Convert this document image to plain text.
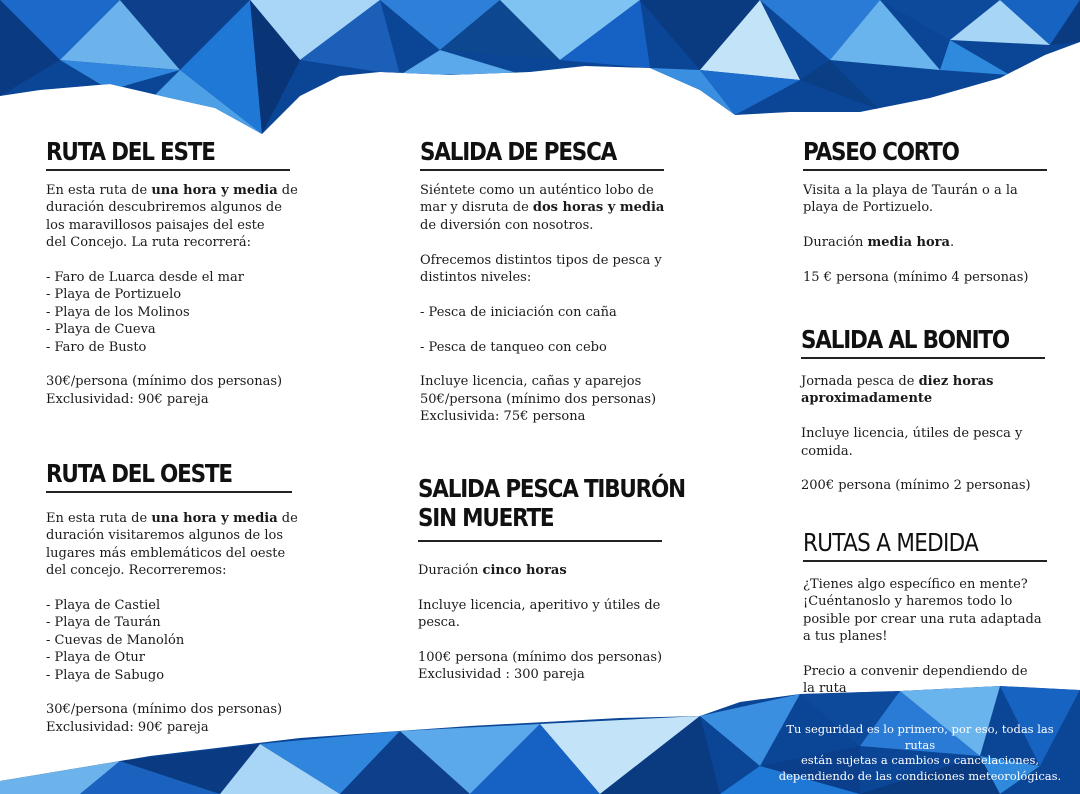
RUTA DEL ESTE

En esta ruta de una hora y media de

duración descubriremos algunos de

los maravillosos paisajes del este

del Concejo. La ruta recorrerá:

- Faro de Luarca desde el mar

- Playa de Portizuelo

- Playa de los Molinos

- Playa de Cueva

- Faro de Busto

30€/persona (mínimo dos personas)

Exclusividad: 90€ pareja

RUTA DEL OESTE

En esta ruta de una hora y media de

duración visitaremos algunos de los

lugares más emblemáticos del oeste

del concejo. Recorreremos:

- Playa de Castiel

- Playa de Taurán

- Cuevas de Manolón

- Playa de Otur

- Playa de Sabugo

30€/persona (mínimo dos personas)

Exclusividad: 90€ pareja

SALIDA DE PESCA

Siéntete como un auténtico lobo de

mar y disruta de dos horas y media

de diversión con nosotros.

Ofrecemos distintos tipos de pesca y

distintos niveles:

- Pesca de iniciación con caña

- Pesca de tanqueo con cebo

Incluye licencia, cañas y aparejos

50€/persona (mínimo dos personas)

Exclusivida: 75€ persona

SALIDA PESCA TIBURÓN
SIN MUERTE

Duración cinco horas

Incluye licencia, aperitivo y útiles de

pesca.

100€ persona (mínimo dos personas)

Exclusividad : 300 pareja

PASEO CORTO

Visita a la playa de Taurán o a la

playa de Portizuelo.

Duración media hora.

15 € persona (mínimo 4 personas)

SALIDA AL BONITO

Jornada pesca de diez horas

aproximadamente

Incluye licencia, útiles de pesca y

comida.

200€ persona (mínimo 2 personas)

RUTAS A MEDIDA

¿Tienes algo específico en mente?

¡Cuéntanoslo y haremos todo lo

posible por crear una ruta adaptada

a tus planes!

Precio a convenir dependiendo de

la ruta

Tu seguridad es lo primero, por eso, todas las rutas
están sujetas a cambios o cancelaciones,
dependiendo de las condiciones meteorológicas.
